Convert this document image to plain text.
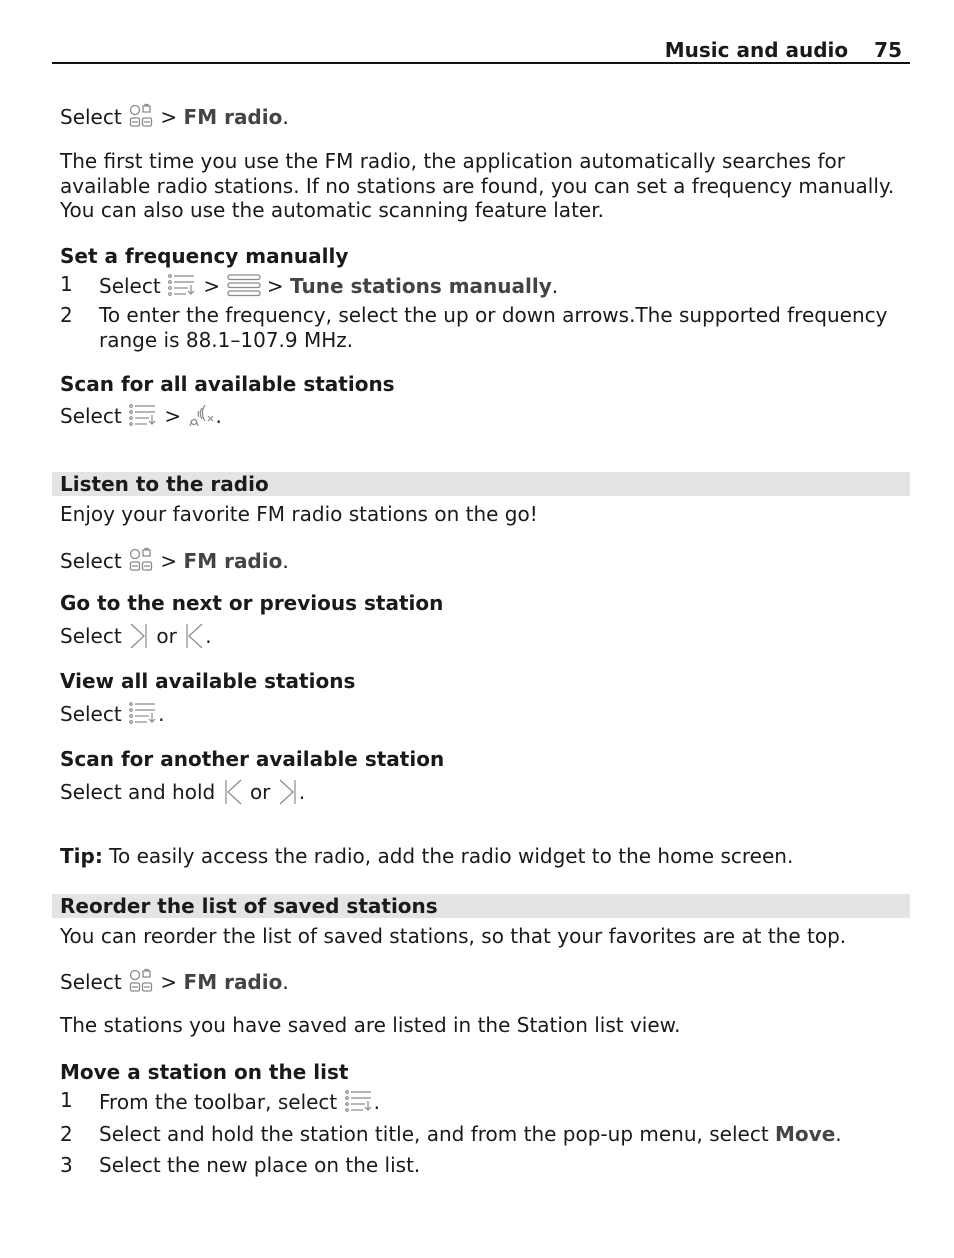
Music and audio 75
Select > FM radio.
The first time you use the FM radio, the application automatically searches for available radio stations. If no stations are found, you can set a frequency manually. You can also use the automatic scanning feature later.
Set a frequency manually
1 Select > > Tune stations manually.
2 To enter the frequency, select the up or down arrows.The supported frequency
range is 88.1–107.9 MHz.
Scan for all available stations
Select > .
Listen to the radio
Enjoy your favorite FM radio stations on the go!
Select > FM radio.
Go to the next or previous station
Select or .
View all available stations
Select .
Scan for another available station
Select and hold or .
Tip: To easily access the radio, add the radio widget to the home screen.
Reorder the list of saved stations
You can reorder the list of saved stations, so that your favorites are at the top.
Select > FM radio.
The stations you have saved are listed in the Station list view.
Move a station on the list
1 From the toolbar, select .
2 Select and hold the station title, and from the pop-up menu, select Move.
3 Select the new place on the list.
